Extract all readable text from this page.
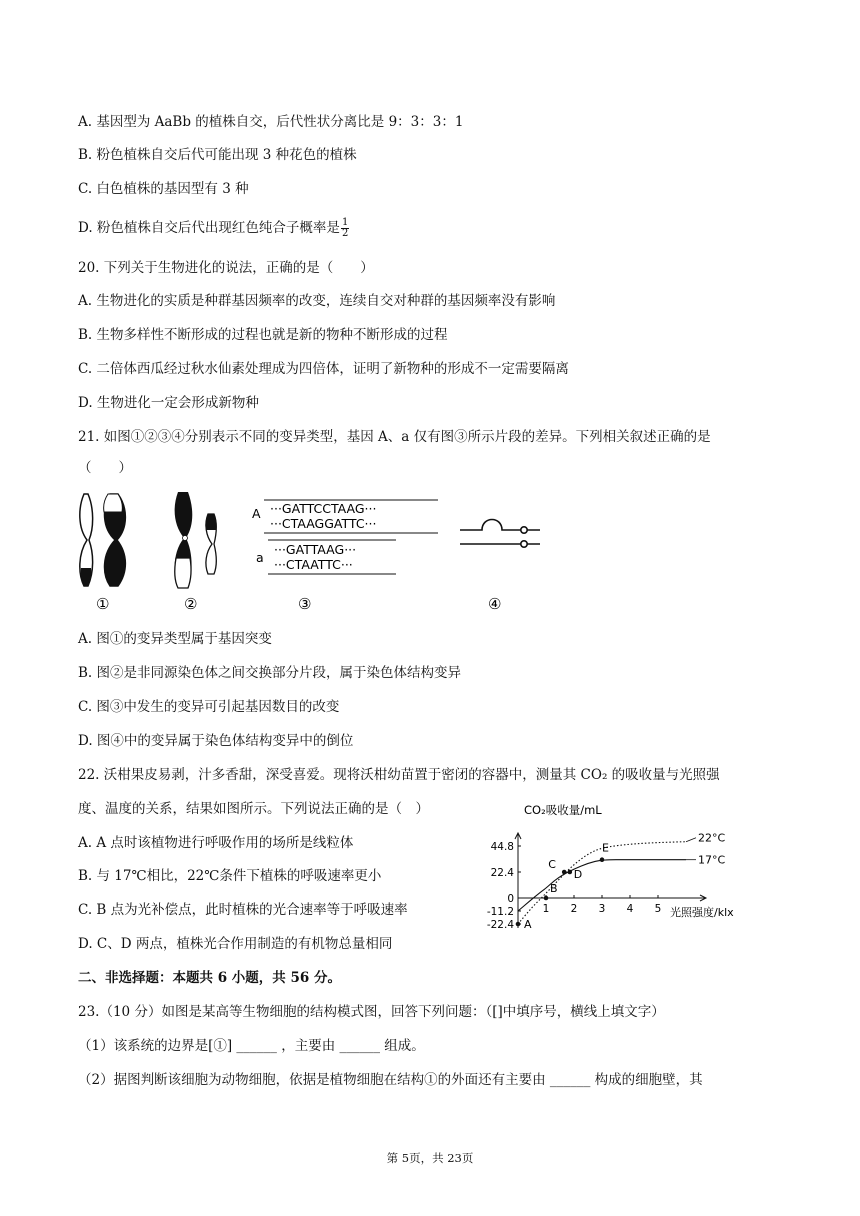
A. 基因型为 AaBb 的植株自交，后代性状分离比是 9：3：3：1
B. 粉色植株自交后代可能出现 3 种花色的植株
C. 白色植株的基因型有 3 种
D. 粉色植株自交后代出现红色纯合子概率是 $\frac{1}{2}$
20. 下列关于生物进化的说法，正确的是（　　）
A. 生物进化的实质是种群基因频率的改变，连续自交对种群的基因频率没有影响
B. 生物多样性不断形成的过程也就是新的物种不断形成的过程
C. 二倍体西瓜经过秋水仙素处理成为四倍体，证明了新物种的形成不一定需要隔离
D. 生物进化一定会形成新物种
21. 如图①②③④分别表示不同的变异类型，基因 A、a 仅有图③所示片段的差异。下列相关叙述正确的是
（　　）
A ···GATTCCTAAG···
···CTAAGGATTC···
a
···GATTAAG···
···CTAATTC···
①	②	③	④
A. 图①的变异类型属于基因突变
B. 图②是非同源染色体之间交换部分片段，属于染色体结构变异
C. 图③中发生的变异可引起基因数目的改变
D. 图④中的变异属于染色体结构变异中的倒位
22. 沃柑果皮易剥，汁多香甜，深受喜爱。现将沃柑幼苗置于密闭的容器中，测量其 CO₂ 的吸收量与光照强
度、温度的关系，结果如图所示。下列说法正确的是（　）
A. A 点时该植物进行呼吸作用的场所是线粒体
B. 与 17℃相比，22℃条件下植株的呼吸速率更小
C. B 点为光补偿点，此时植株的光合速率等于呼吸速率
D. C、D 两点，植株光合作用制造的有机物总量相同
CO₂吸收量/mL
光照强度/klx
44.8
22.4
0
-11.2
-22.4
1 2 3 4 5
22°C
17°C
A
B
C
D
E
二、非选择题：本题共 6 小题，共 56 分。
23.（10 分）如图是某高等生物细胞的结构模式图，回答下列问题：（[]中填序号，横线上填文字）
（1）该系统的边界是[①] ______ ，主要由 ______ 组成。
（2）据图判断该细胞为动物细胞，依据是植物细胞在结构①的外面还有主要由 ______ 构成的细胞壁，其
第 5页，共 23页
